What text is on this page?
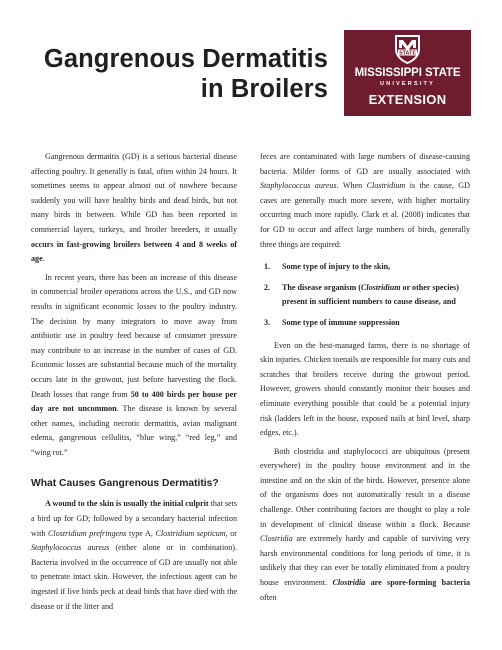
Gangrenous Dermatitis
in Broilers
STATE
MISSISSIPPI STATE
UNIVERSITY
EXTENSION

Gangrenous dermatitis (GD) is a serious bacterial disease affecting poultry. It generally is fatal, often within 24 hours. It sometimes seems to appear almost out of nowhere because suddenly you will have healthy birds and dead birds, but not many birds in between. While GD has been reported in commercial layers, turkeys, and broiler breeders, it usually occurs in fast-growing broilers between 4 and 8 weeks of age.

In recent years, there has been an increase of this disease in commercial broiler operations across the U.S., and GD now results in significant economic losses to the poultry industry. The decision by many integrators to move away from antibiotic use in poultry feed because of consumer pressure may contribute to an increase in the number of cases of GD. Economic losses are substantial because much of the mortality occurs late in the growout, just before harvesting the flock. Death losses that range from 50 to 400 birds per house per day are not uncommon. The disease is known by several other names, including necrotic dermatitis, avian malignant edema, gangrenous cellulitis, “blue wing,” “red leg,” and “wing rot.”

What Causes Gangrenous Dermatitis?

A wound to the skin is usually the initial culprit that sets a bird up for GD; followed by a secondary bacterial infection with Clostridium prefringens type A, Clostridium septicum, or Staphylococcus aureus (either alone or in combination). Bacteria involved in the occurrence of GD are usually not able to penetrate intact skin. However, the infectious agent can be ingested if live birds peck at dead birds that have died with the disease or if the litter and

feces are contaminated with large numbers of disease-causing bacteria. Milder forms of GD are usually associated with Staphylococcus aureus. When Clostridium is the cause, GD cases are generally much more severe, with higher mortality occurring much more rapidly. Clark et al. (2008) indicates that for GD to occur and affect large numbers of birds, generally three things are required:

1. Some type of injury to the skin,
2. The disease organism (Clostridium or other species) present in sufficient numbers to cause disease, and
3. Some type of immune suppression

Even on the best-managed farms, there is no shortage of skin injuries. Chicken toenails are responsible for many cuts and scratches that broilers receive during the growout period. However, growers should constantly monitor their houses and eliminate everything possible that could be a potential injury risk (ladders left in the house, exposed nails at bird level, sharp edges, etc.).

Both clostridia and staphylococci are ubiquitous (present everywhere) in the poultry house environment and in the intestine and on the skin of the birds. However, presence alone of the organisms does not automatically result in a disease challenge. Other contributing factors are thought to play a role in development of clinical disease within a flock. Because Clostridia are extremely hardy and capable of surviving very harsh environmental conditions for long periods of time, it is unlikely that they can ever be totally eliminated from a poultry house environment. Clostridia are spore-forming bacteria often
